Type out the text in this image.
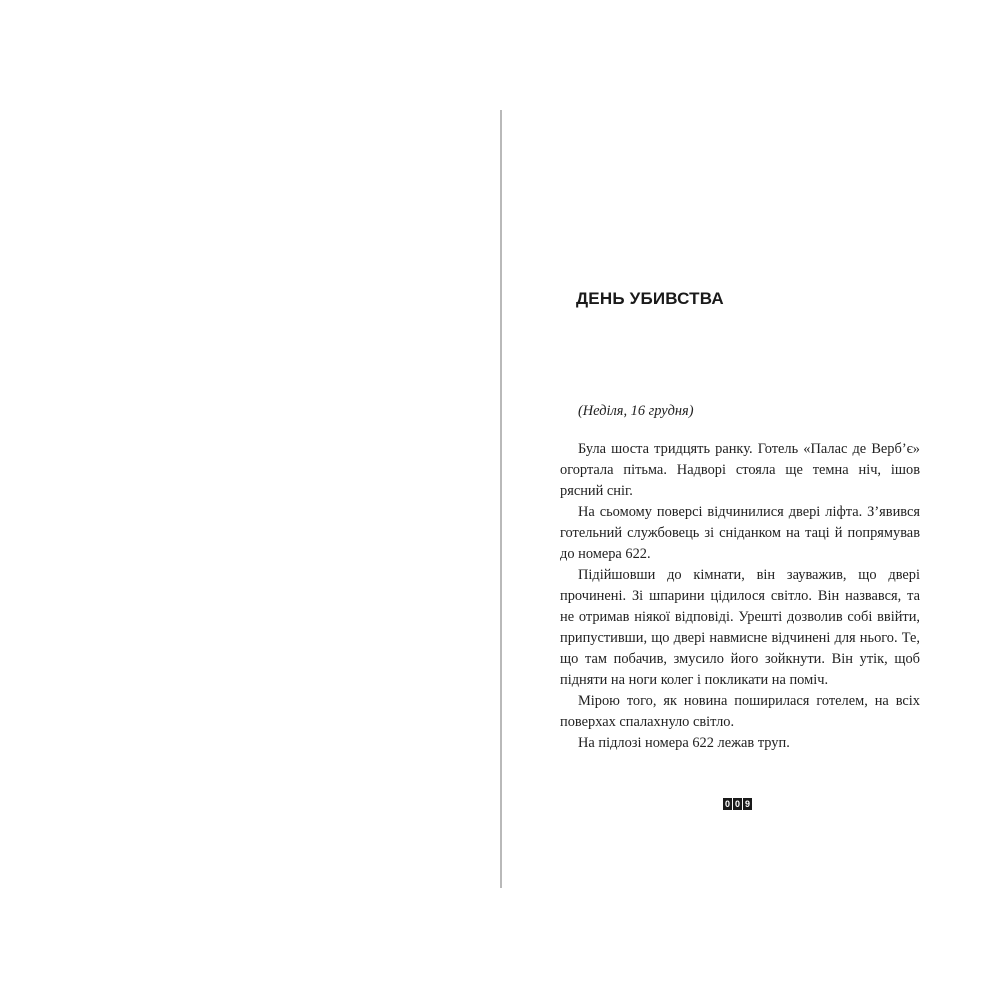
ДЕНЬ УБИВСТВА

(Неділя, 16 грудня)

Була шоста тридцять ранку. Готель «Палас де Верб’є» огортала пітьма. Надворі стояла ще темна ніч, ішов рясний сніг.

На сьомому поверсі відчинилися двері ліфта. З’явився готельний службовець зі сніданком на таці й попрямував до номера 622.

Підійшовши до кімнати, він зауважив, що двері прочинені. Зі шпарини цідилося світло. Він назвався, та не отримав ніякої відповіді. Урешті дозволив собі ввійти, припустивши, що двері навмисне відчинені для нього. Те, що там побачив, змусило його зойкнути. Він утік, щоб підняти на ноги колег і покликати на поміч.

Мірою того, як новина поширилася готелем, на всіх поверхах спалахнуло світло.

На підлозі номера 622 лежав труп.

0 0 9
